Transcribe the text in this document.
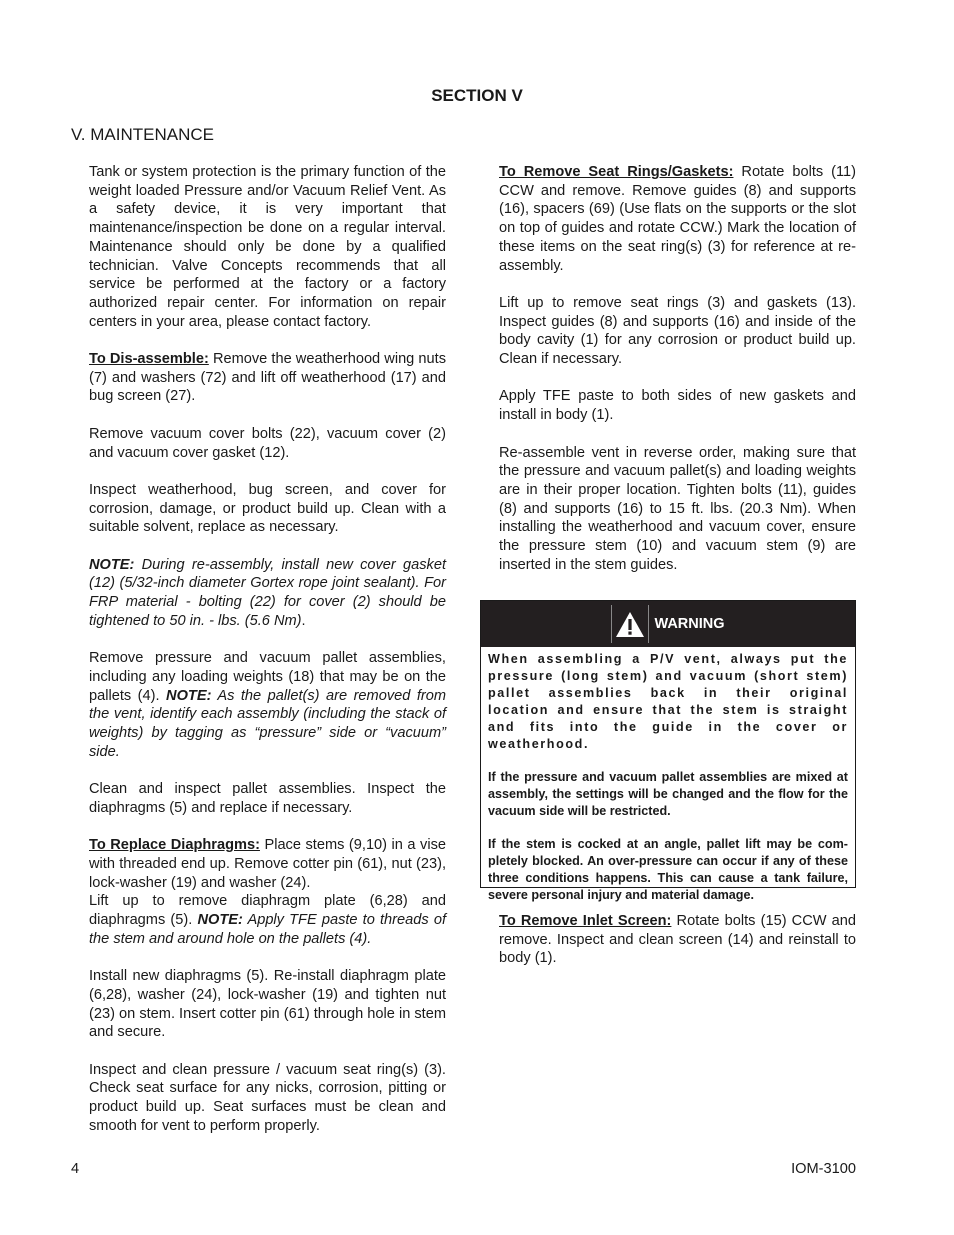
SECTION V
V. MAINTENANCE

Tank or system protection is the primary function of the weight loaded Pressure and/or Vacuum Relief Vent. As a safety device, it is very important that maintenance/inspection be done on a regular interval. Maintenance should only be done by a qualified technician. Valve Concepts recommends that all service be performed at the factory or a factory authorized repair center. For information on repair centers in your area, please contact factory.

To Dis-assemble: Remove the weatherhood wing nuts (7) and washers (72) and lift off weatherhood (17) and bug screen (27).

Remove vacuum cover bolts (22), vacuum cover (2) and vacuum cover gasket (12).

Inspect weatherhood, bug screen, and cover for corrosion, damage, or product build up. Clean with a suitable solvent, replace as necessary.

NOTE: During re-assembly, install new cover gasket (12) (5/32-inch diameter Gortex rope joint sealant). For FRP material - bolting (22) for cover (2) should be tightened to 50 in. - lbs. (5.6 Nm).

Remove pressure and vacuum pallet assemblies, including any loading weights (18) that may be on the pallets (4). NOTE: As the pallet(s) are removed from the vent, identify each assembly (including the stack of weights) by tagging as “pressure” side or “vacuum” side.

Clean and inspect pallet assemblies. Inspect the diaphragms (5) and replace if necessary.

To Replace Diaphragms: Place stems (9,10) in a vise with threaded end up. Remove cotter pin (61), nut (23), lock-washer (19) and washer (24).

Lift up to remove diaphragm plate (6,28) and diaphragms (5). NOTE: Apply TFE paste to threads of the stem and around hole on the pallets (4).

Install new diaphragms (5). Re-install diaphragm plate (6,28), washer (24), lock-washer (19) and tighten nut (23) on stem. Insert cotter pin (61) through hole in stem and secure.

Inspect and clean pressure / vacuum seat ring(s) (3). Check seat surface for any nicks, corrosion, pitting or product build up. Seat surfaces must be clean and smooth for vent to perform properly.

To Remove Seat Rings/Gaskets: Rotate bolts (11) CCW and remove. Remove guides (8) and supports (16), spacers (69) (Use flats on the supports or the slot on top of guides and rotate CCW.) Mark the location of these items on the seat ring(s) (3) for reference at re-assembly.

Lift up to remove seat rings (3) and gaskets (13). Inspect guides (8) and supports (16) and inside of the body cavity (1) for any corrosion or product build up. Clean if necessary.

Apply TFE paste to both sides of new gaskets and install in body (1).

Re-assemble vent in reverse order, making sure that the pressure and vacuum pallet(s) and loading weights are in their proper location. Tighten bolts (11), guides (8) and supports (16) to 15 ft. lbs. (20.3 Nm). When installing the weatherhood and vacuum cover, ensure the pressure stem (10) and vacuum stem (9) are inserted in the stem guides.

WARNING

When assembling a P/V vent, always put the pressure (long stem) and vacuum (short stem) pallet assemblies back in their original location and ensure that the stem is straight and fits into the guide in the cover or weatherhood.

If the pressure and vacuum pallet assemblies are mixed at assembly, the settings will be changed and the flow for the vacuum side will be restricted.

If the stem is cocked at an angle, pallet lift may be com-pletely blocked. An over-pressure can occur if any of these three conditions happens. This can cause a tank failure, severe personal injury and material damage.

To Remove Inlet Screen: Rotate bolts (15) CCW and remove. Inspect and clean screen (14) and reinstall to body (1).
4	IOM-3100
